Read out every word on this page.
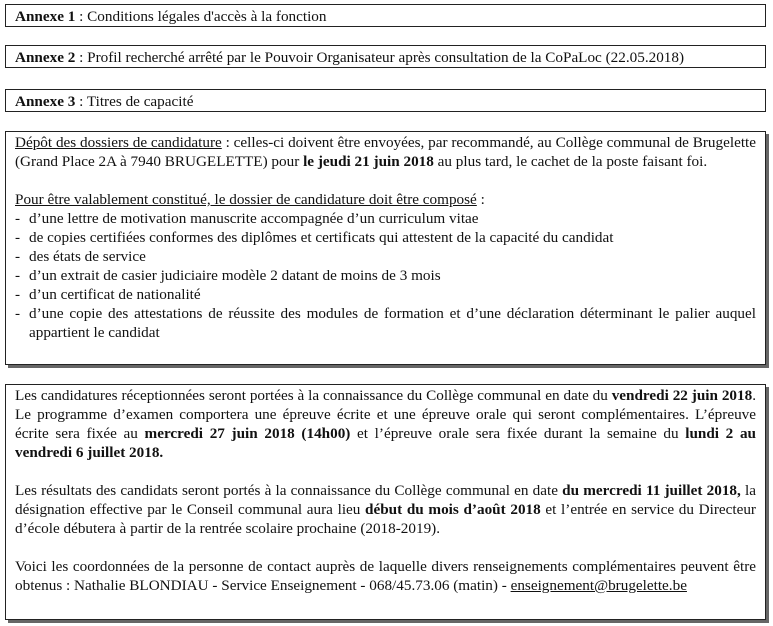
Annexe 1 : Conditions légales d'accès à la fonction
Annexe 2 : Profil recherché arrêté par le Pouvoir Organisateur après consultation de la CoPaLoc (22.05.2018)
Annexe 3 : Titres de capacité

Dépôt des dossiers de candidature : celles-ci doivent être envoyées, par recommandé, au Collège communal de Brugelette (Grand Place 2A à 7940 BRUGELETTE) pour le jeudi 21 juin 2018 au plus tard, le cachet de la poste faisant foi.

Pour être valablement constitué, le dossier de candidature doit être composé :

- d’une lettre de motivation manuscrite accompagnée d’un curriculum vitae
- de copies certifiées conformes des diplômes et certificats qui attestent de la capacité du candidat
- des états de service
- d’un extrait de casier judiciaire modèle 2 datant de moins de 3 mois
- d’un certificat de nationalité
- d’une copie des attestations de réussite des modules de formation et d’une déclaration déterminant le palier auquel appartient le candidat

Les candidatures réceptionnées seront portées à la connaissance du Collège communal en date du vendredi 22 juin 2018. Le programme d’examen comportera une épreuve écrite et une épreuve orale qui seront complémentaires. L’épreuve écrite sera fixée au mercredi 27 juin 2018 (14h00) et l’épreuve orale sera fixée durant la semaine du lundi 2 au vendredi 6 juillet 2018.

Les résultats des candidats seront portés à la connaissance du Collège communal en date du mercredi 11 juillet 2018, la désignation effective par le Conseil communal aura lieu début du mois d’août 2018 et l’entrée en service du Directeur d’école débutera à partir de la rentrée scolaire prochaine (2018-2019).

Voici les coordonnées de la personne de contact auprès de laquelle divers renseignements complémentaires peuvent être obtenus : Nathalie BLONDIAU - Service Enseignement - 068/45.73.06 (matin) - enseignement@brugelette.be
